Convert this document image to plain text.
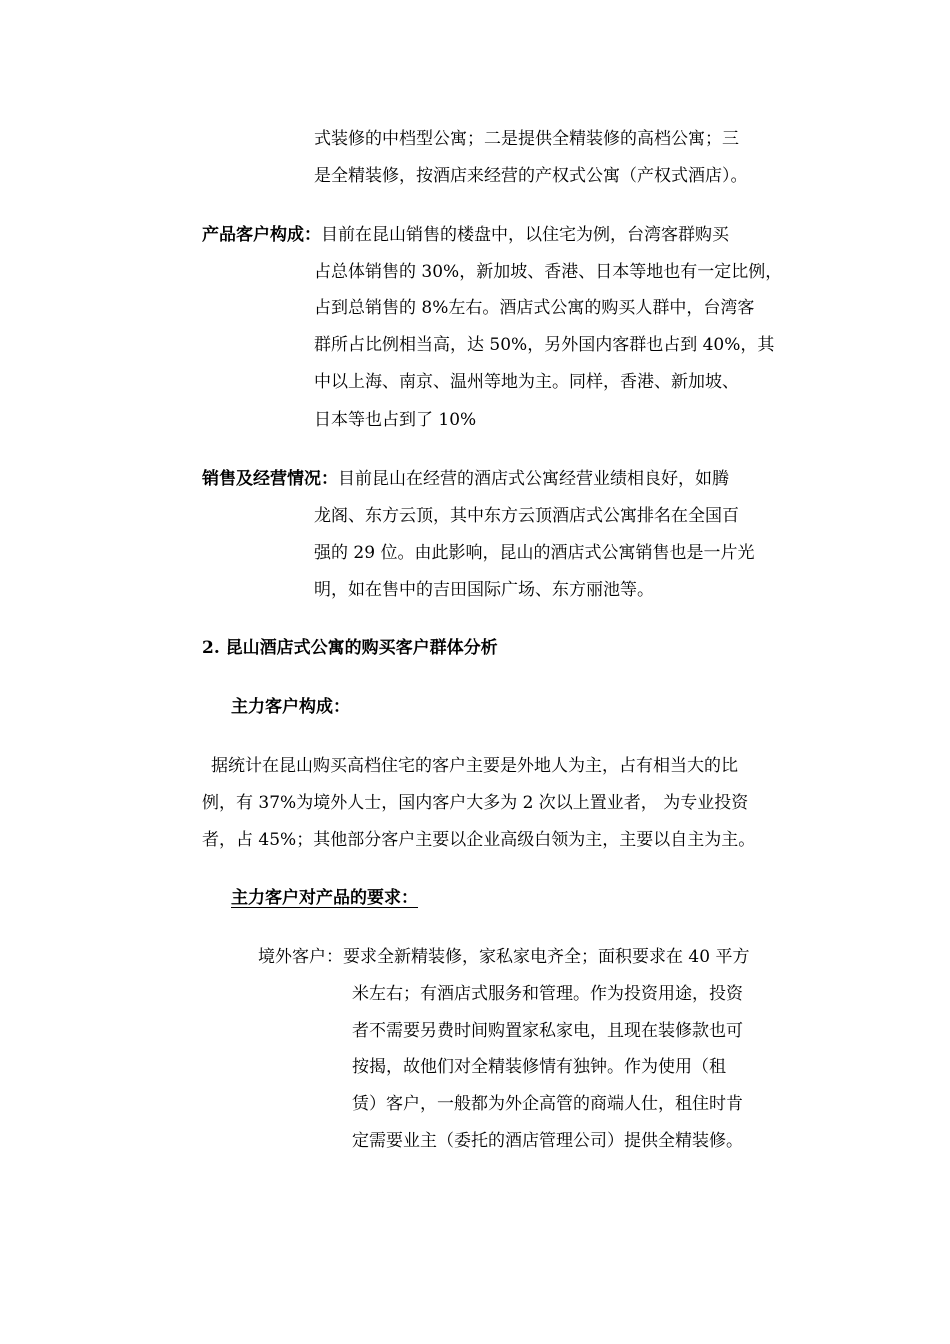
式装修的中档型公寓；二是提供全精装修的高档公寓；三
是全精装修，按酒店来经营的产权式公寓（产权式酒店）。
产品客户构成：目前在昆山销售的楼盘中，以住宅为例，台湾客群购买
占总体销售的 30%，新加坡、香港、日本等地也有一定比例，
占到总销售的 8%左右。酒店式公寓的购买人群中，台湾客
群所占比例相当高，达 50%，另外国内客群也占到 40%，其
中以上海、南京、温州等地为主。同样，香港、新加坡、
日本等也占到了 10%
销售及经营情况：目前昆山在经营的酒店式公寓经营业绩相良好，如腾
龙阁、东方云顶，其中东方云顶酒店式公寓排名在全国百
强的 29 位。由此影响，昆山的酒店式公寓销售也是一片光
明，如在售中的吉田国际广场、东方丽池等。
2. 昆山酒店式公寓的购买客户群体分析
主力客户构成：
据统计在昆山购买高档住宅的客户主要是外地人为主，占有相当大的比
例，有 37%为境外人士，国内客户大多为 2 次以上置业者， 为专业投资
者，占 45%；其他部分客户主要以企业高级白领为主，主要以自主为主。
主力客户对产品的要求：
境外客户：要求全新精装修，家私家电齐全；面积要求在 40 平方
米左右；有酒店式服务和管理。作为投资用途，投资
者不需要另费时间购置家私家电，且现在装修款也可
按揭，故他们对全精装修情有独钟。作为使用（租
赁）客户，一般都为外企高管的商端人仕，租住时肯
定需要业主（委托的酒店管理公司）提供全精装修。
